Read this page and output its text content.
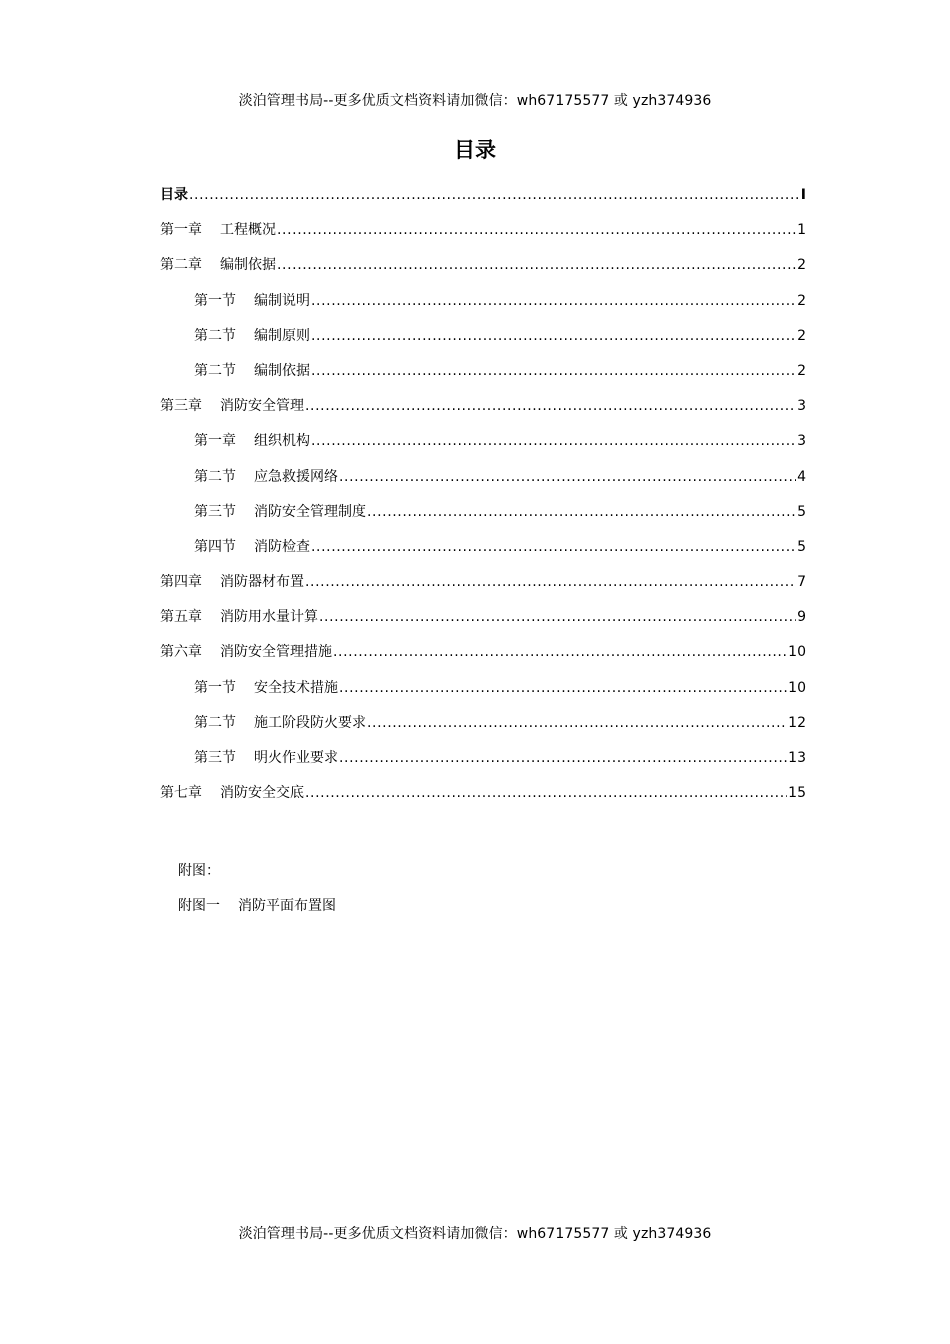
淡泊管理书局--更多优质文档资料请加微信：wh67175577 或 yzh374936
目录
目录 .....	I
第一章 工程概况 .....	1
第二章 编制依据 .....	2
第一节 编制说明 .....	2
第二节 编制原则 .....	2
第二节 编制依据 .....	2
第三章 消防安全管理 .....	3
第一章 组织机构 .....	3
第二节 应急救援网络 .....	4
第三节 消防安全管理制度 .....	5
第四节 消防检查 .....	5
第四章 消防器材布置 .....	7
第五章 消防用水量计算 .....	9
第六章 消防安全管理措施 .....	10
第一节 安全技术措施 .....	10
第二节 施工阶段防火要求 .....	12
第三节 明火作业要求 .....	13
第七章 消防安全交底 .....	15
附图：
附图一 消防平面布置图
淡泊管理书局--更多优质文档资料请加微信：wh67175577 或 yzh374936
